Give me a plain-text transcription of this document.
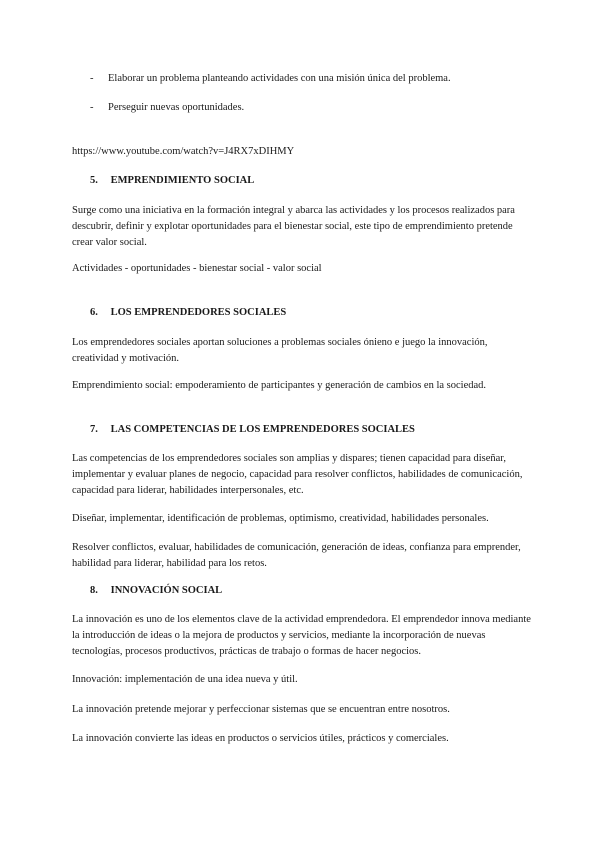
- Elaborar un problema planteando actividades con una misión única del problema.
- Perseguir nuevas oportunidades.
https://www.youtube.com/watch?v=J4RX7xDIHMY
5. EMPRENDIMIENTO SOCIAL

Surge como una iniciativa en la formación integral y abarca las actividades y los procesos realizados para descubrir, definir y explotar oportunidades para el bienestar social, este tipo de emprendimiento pretende crear valor social.

Actividades - oportunidades - bienestar social - valor social

6. LOS EMPRENDEDORES SOCIALES

Los emprendedores sociales aportan soluciones a problemas sociales ónieno e juego la innovación, creatividad y motivación.

Emprendimiento social: empoderamiento de participantes y generación de cambios en la sociedad.

7. LAS COMPETENCIAS DE LOS EMPRENDEDORES SOCIALES

Las competencias de los emprendedores sociales son amplias y dispares; tienen capacidad para diseñar, implementar y evaluar planes de negocio, capacidad para resolver conflictos, habilidades de comunicación, capacidad para liderar, habilidades interpersonales, etc.

Diseñar, implementar, identificación de problemas, optimismo, creatividad, habilidades personales.

Resolver conflictos, evaluar, habilidades de comunicación, generación de ideas, confianza para emprender, habilidad para liderar, habilidad para los retos.

8. INNOVACIÓN SOCIAL

La innovación es uno de los elementos clave de la actividad emprendedora. El emprendedor innova mediante la introducción de ideas o la mejora de productos y servicios, mediante la incorporación de nuevas tecnologías, procesos productivos, prácticas de trabajo o formas de hacer negocios.

Innovación: implementación de una idea nueva y útil.

La innovación pretende mejorar y perfeccionar sistemas que se encuentran entre nosotros.

La innovación convierte las ideas en productos o servicios útiles, prácticos y comerciales.
